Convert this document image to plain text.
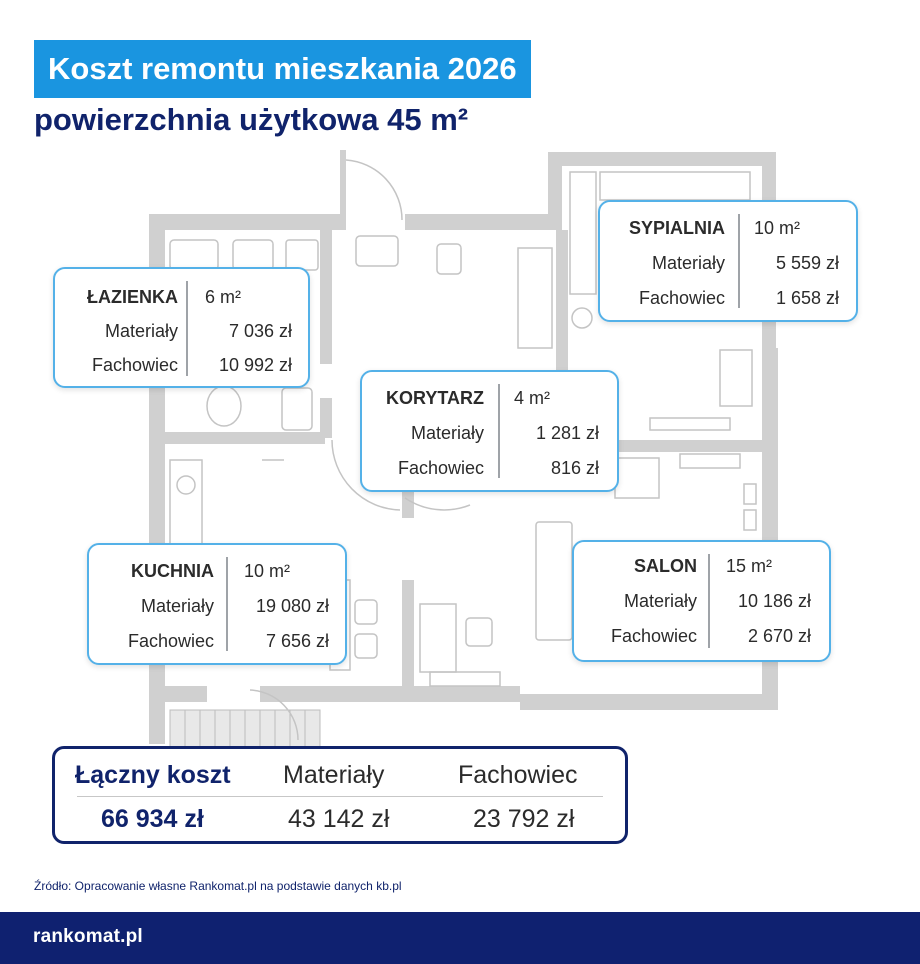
Koszt remontu mieszkania 2026
powierzchnia użytkowa 45 m²
ŁAZIENKA 6 m²
Materiały	7 036 zł
Fachowiec 10 992 zł
SYPIALNIA 10 m²
Materiały	5 559 zł
Fachowiec	1 658 zł
KORYTARZ 4 m²
Materiały	1 281 zł
Fachowiec	816 zł
KUCHNIA 10 m²
Materiały 19 080 zł
Fachowiec	7 656 zł
SALON 15 m²
Materiały 10 186 zł
Fachowiec	2 670 zł
Łączny koszt Materiały	Fachowiec
66 934 zł	43 142 zł	23 792 zł
Źródło: Opracowanie własne Rankomat.pl na podstawie danych kb.pl
rankomat.pl
